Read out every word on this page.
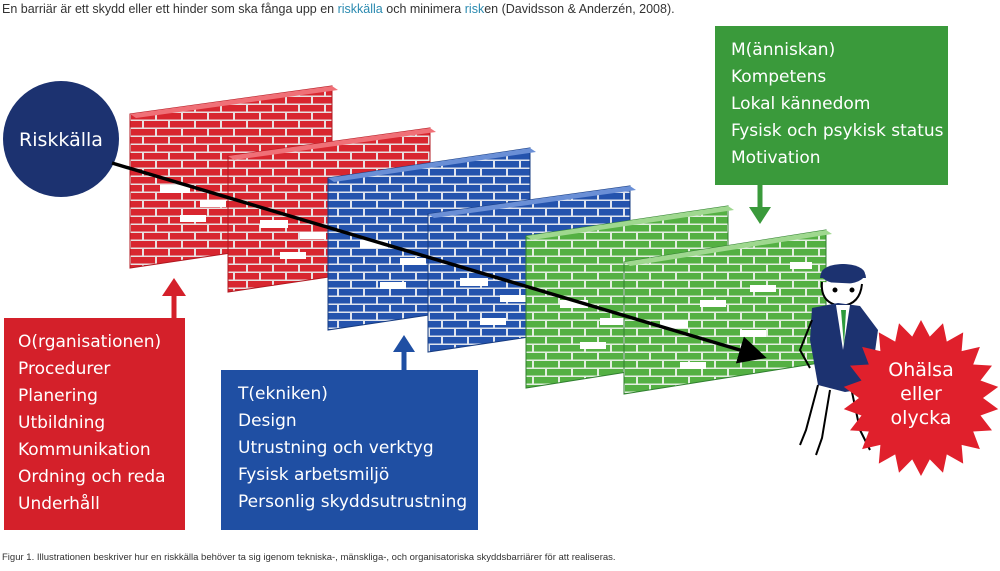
En barriär är ett skydd eller ett hinder som ska fånga upp en riskkälla och minimera risken (Davidsson & Anderzén, 2008).
Riskkälla
Ohälsa
eller
olycka
O(rganisationen)
Procedurer
Planering
Utbildning
Kommunikation
Ordning och reda
Underhåll
T(ekniken)
Design
Utrustning och verktyg
Fysisk arbetsmiljö
Personlig skyddsutrustning
M(änniskan)
Kompetens
Lokal kännedom
Fysisk och psykisk status
Motivation
Figur 1. Illustrationen beskriver hur en riskkälla behöver ta sig igenom tekniska-, mänskliga-, och organisatoriska skyddsbarriärer för att realiseras.
